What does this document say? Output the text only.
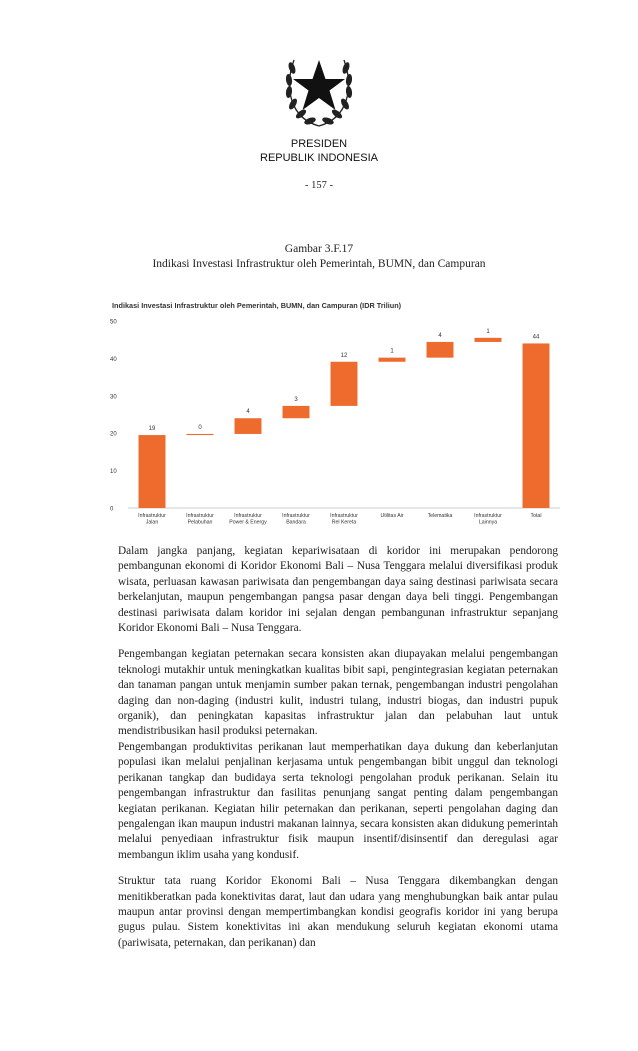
PRESIDEN
REPUBLIK INDONESIA
- 157 -
Gambar 3.F.17
Indikasi Investasi Infrastruktur oleh Pemerintah, BUMN, dan Campuran
Indikasi Investasi Infrastruktur oleh Pemerintah, BUMN, dan Campuran (IDR Triliun)
0
10
20
30
40
50
19	0
4
3
12
1
4
1
44
Infrastruktur
Jalan
Infrastruktur
Pelabuhan
Infrastruktur
Power & Energy
Infrastruktur
Bandara
Infrastruktur
Rel Kereta
Utilitas Air	Telematika	Infrastruktur
Lainnya
Total

Dalam jangka panjang, kegiatan kepariwisataan di koridor ini merupakan pendorong pembangunan ekonomi di Koridor Ekonomi Bali – Nusa Tenggara melalui diversifikasi produk wisata, perluasan kawasan pariwisata dan pengembangan daya saing destinasi pariwisata secara berkelanjutan, maupun pengembangan pangsa pasar dengan daya beli tinggi. Pengembangan destinasi pariwisata dalam koridor ini sejalan dengan pembangunan infrastruktur sepanjang Koridor Ekonomi Bali – Nusa Tenggara.

Pengembangan kegiatan peternakan secara konsisten akan diupayakan melalui pengembangan teknologi mutakhir untuk meningkatkan kualitas bibit sapi, pengintegrasian kegiatan peternakan dan tanaman pangan untuk menjamin sumber pakan ternak, pengembangan industri pengolahan daging dan non-daging (industri kulit, industri tulang, industri biogas, dan industri pupuk organik), dan peningkatan kapasitas infrastruktur jalan dan pelabuhan laut untuk mendistribusikan hasil produksi peternakan.

Pengembangan produktivitas perikanan laut memperhatikan daya dukung dan keberlanjutan populasi ikan melalui penjalinan kerjasama untuk pengembangan bibit unggul dan teknologi perikanan tangkap dan budidaya serta teknologi pengolahan produk perikanan. Selain itu pengembangan infrastruktur dan fasilitas penunjang sangat penting dalam pengembangan kegiatan perikanan. Kegiatan hilir peternakan dan perikanan, seperti pengolahan daging dan pengalengan ikan maupun industri makanan lainnya, secara konsisten akan didukung pemerintah melalui penyediaan infrastruktur fisik maupun insentif/disinsentif dan deregulasi agar membangun iklim usaha yang kondusif.

Struktur tata ruang Koridor Ekonomi Bali – Nusa Tenggara dikembangkan dengan menitikberatkan pada konektivitas darat, laut dan udara yang menghubungkan baik antar pulau maupun antar provinsi dengan mempertimbangkan kondisi geografis koridor ini yang berupa gugus pulau. Sistem konektivitas ini akan mendukung seluruh kegiatan ekonomi utama (pariwisata, peternakan, dan perikanan) dan
